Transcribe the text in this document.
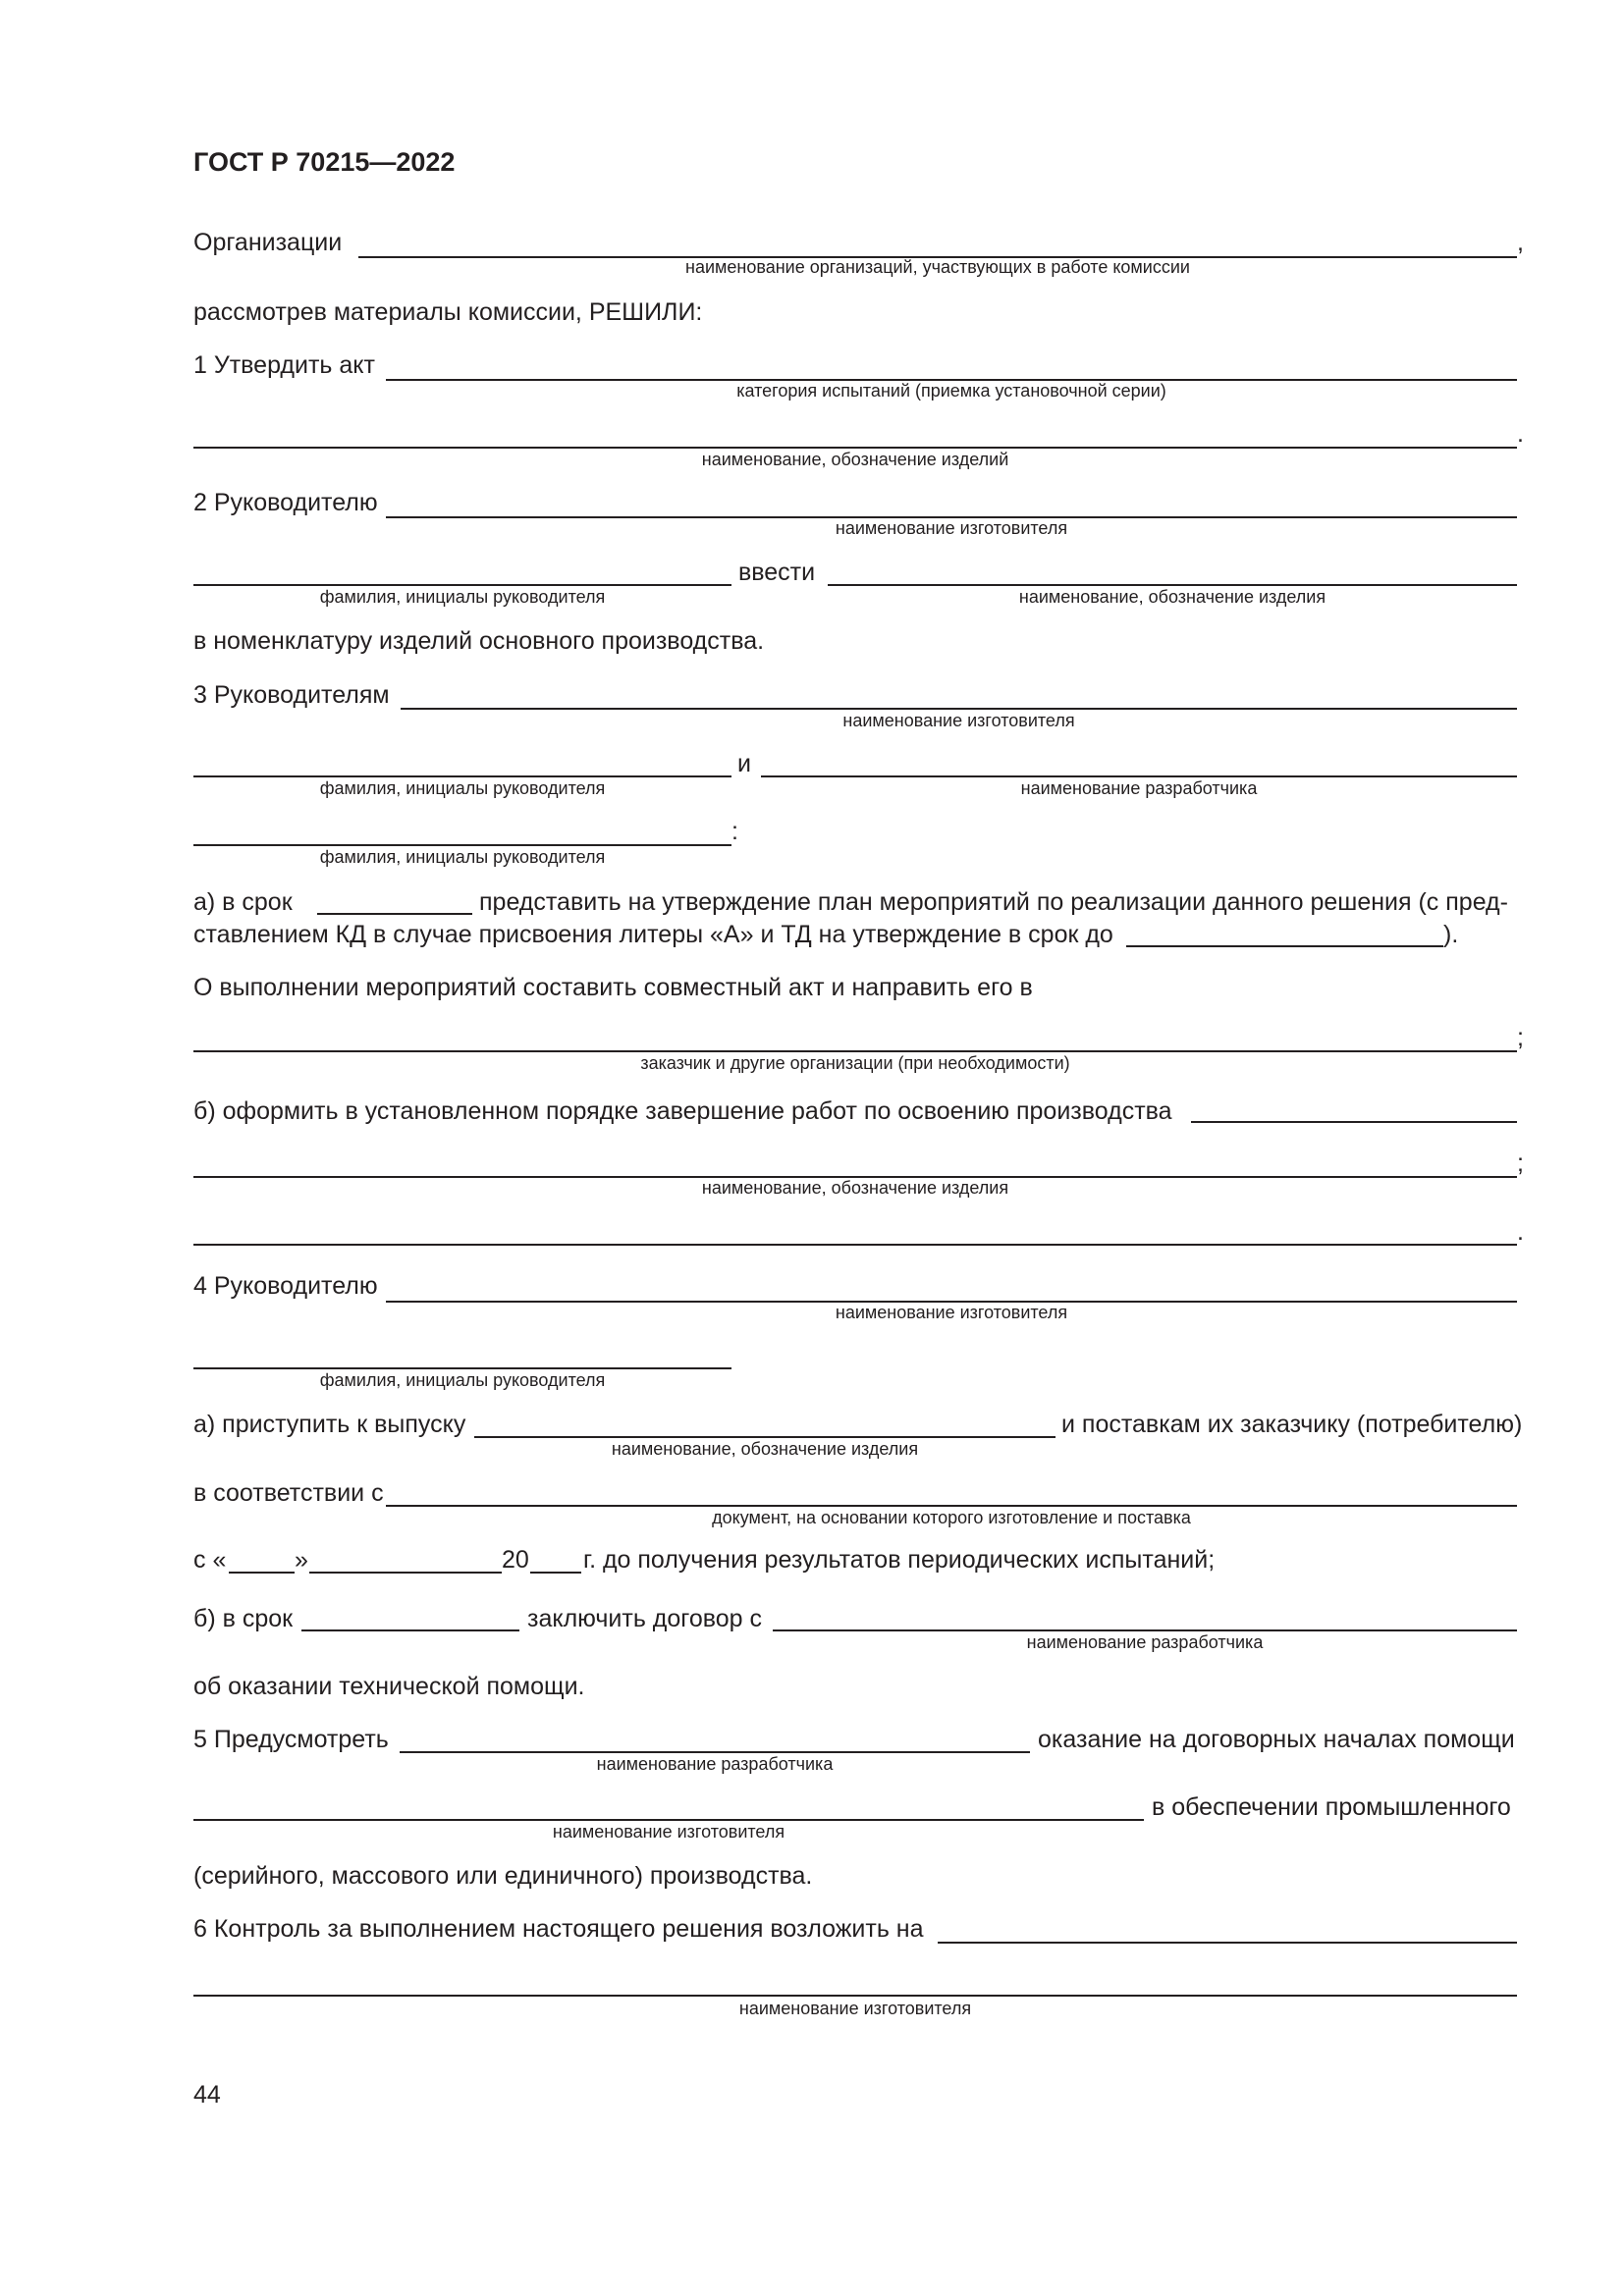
ГОСТ Р 70215—2022
Организации	,
наименование организаций, участвующих в работе комиссии
рассмотрев материалы комиссии, РЕШИЛИ:
1 Утвердить акт
категория испытаний (приемка установочной серии)
.
наименование, обозначение изделий
2 Руководителю
наименование изготовителя
ввести
фамилия, инициалы руководителя	наименование, обозначение изделия
в номенклатуру изделий основного производства.
3 Руководителям
наименование изготовителя
и
фамилия, инициалы руководителя	наименование разработчика
:
фамилия, инициалы руководителя
а) в срок	представить на утверждение план мероприятий по реализации данного решения (с пред-
ставлением КД в случае присвоения литеры «А» и ТД на утверждение в срок до	).
О выполнении мероприятий составить совместный акт и направить его в
;
заказчик и другие организации (при необходимости)
б) оформить в установленном порядке завершение работ по освоению производства
;
наименование, обозначение изделия
.
4 Руководителю
наименование изготовителя
фамилия, инициалы руководителя
а) приступить к выпуску	и поставкам их заказчику (потребителю)
наименование, обозначение изделия
в соответствии с
документ, на основании которого изготовление и поставка
с «	»	20 г. до получения результатов периодических испытаний;
б) в срок	заключить договор с
наименование разработчика
об оказании технической помощи.
5 Предусмотреть	оказание на договорных началах помощи
наименование разработчика
в обеспечении промышленного
наименование изготовителя
(серийного, массового или единичного) производства.
6 Контроль за выполнением настоящего решения возложить на
наименование изготовителя
44
